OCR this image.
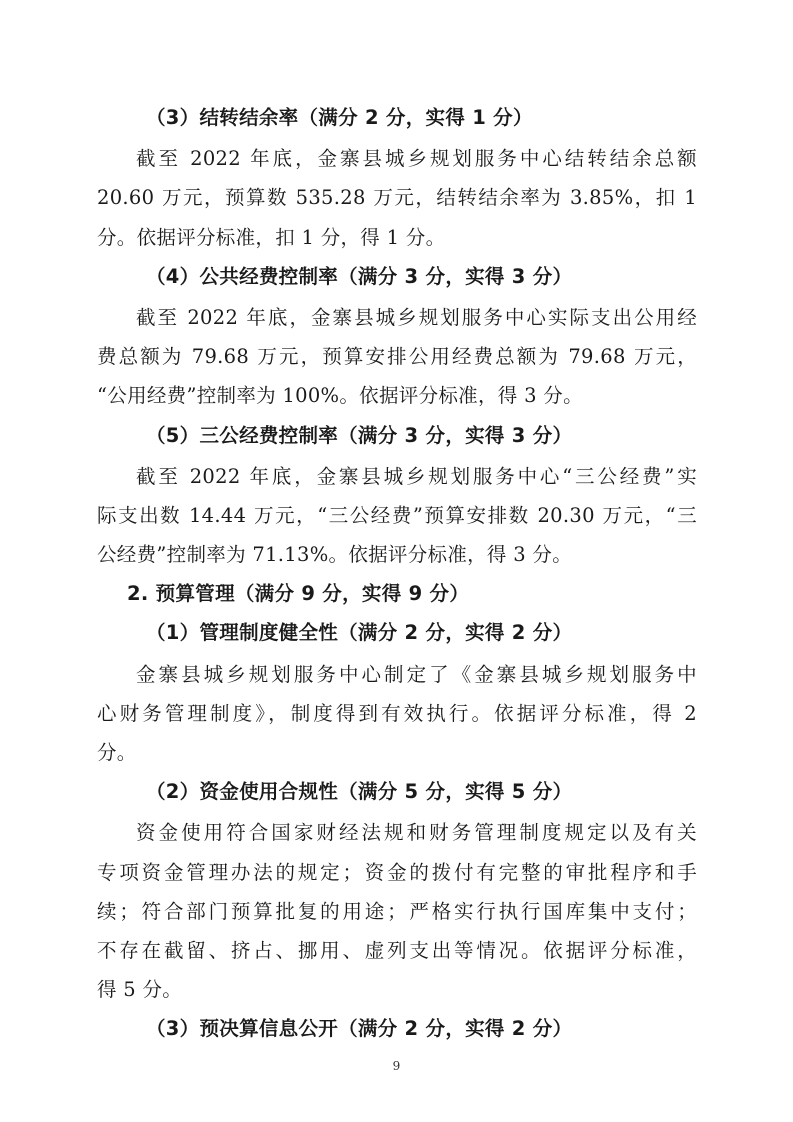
（3）结转结余率（满分 2 分，实得 1 分）
截至 2022 年底，金寨县城乡规划服务中心结转结余总额
20.60 万元，预算数 535.28 万元，结转结余率为 3.85%，扣 1
分。依据评分标准，扣 1 分，得 1 分。
（4）公共经费控制率（满分 3 分，实得 3 分）
截至 2022 年底，金寨县城乡规划服务中心实际支出公用经
费总额为 79.68 万元，预算安排公用经费总额为 79.68 万元，
“公用经费”控制率为 100%。依据评分标准，得 3 分。
（5）三公经费控制率（满分 3 分，实得 3 分）
截至 2022 年底，金寨县城乡规划服务中心“三公经费”实
际支出数 14.44 万元，“三公经费”预算安排数 20.30 万元，“三
公经费”控制率为 71.13%。依据评分标准，得 3 分。
2. 预算管理（满分 9 分，实得 9 分）
（1）管理制度健全性（满分 2 分，实得 2 分）
金寨县城乡规划服务中心制定了《金寨县城乡规划服务中
心财务管理制度》，制度得到有效执行。依据评分标准，得 2
分。
（2）资金使用合规性（满分 5 分，实得 5 分）
资金使用符合国家财经法规和财务管理制度规定以及有关
专项资金管理办法的规定；资金的拨付有完整的审批程序和手
续；符合部门预算批复的用途；严格实行执行国库集中支付；
不存在截留、挤占、挪用、虚列支出等情况。依据评分标准，
得 5 分。
（3）预决算信息公开（满分 2 分，实得 2 分）
9
